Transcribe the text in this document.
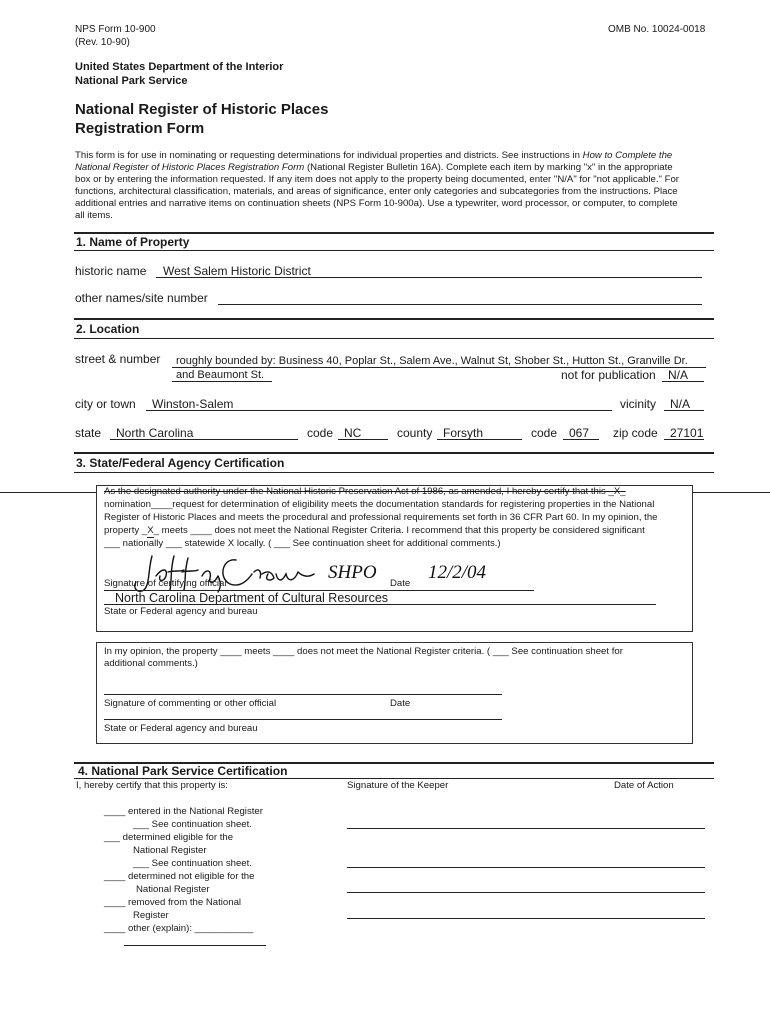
NPS Form 10-900
(Rev. 10-90)
OMB No. 10024-0018
United States Department of the Interior
National Park Service
National Register of Historic Places
Registration Form
This form is for use in nominating or requesting determinations for individual properties and districts. See instructions in How to Complete the
National Register of Historic Places Registration Form (National Register Bulletin 16A). Complete each item by marking "x" in the appropriate
box or by entering the information requested. If any item does not apply to the property being documented, enter "N/A" for "not applicable." For
functions, architectural classification, materials, and areas of significance, enter only categories and subcategories from the instructions. Place
additional entries and narrative items on continuation sheets (NPS Form 10-900a). Use a typewriter, word processor, or computer, to complete
all items.
1. Name of Property
historic name West Salem Historic District
other names/site number
2. Location
street & number roughly bounded by: Business 40, Poplar St., Salem Ave., Walnut St, Shober St., Hutton St., Granville Dr.
and Beaumont St.	not for publication N/A
city or town Winston-Salem	vicinity N/A
state North Carolina	code NC	county Forsyth	code 067 zip code 27101
3. State/Federal Agency Certification
As the designated authority under the National Historic Preservation Act of 1986, as amended, I hereby certify that this _X_
nomination____request for determination of eligibility meets the documentation standards for registering properties in the National
Register of Historic Places and meets the procedural and professional requirements set forth in 36 CFR Part 60. In my opinion, the
property _X_ meets ____ does not meet the National Register Criteria. I recommend that this property be considered significant
___ nationally ___ statewide X locally. ( ___ See continuation sheet for additional comments.)
SHPO	12/2/04
Signature of certifying official	Date
North Carolina Department of Cultural Resources
State or Federal agency and bureau
In my opinion, the property ____ meets ____ does not meet the National Register criteria. ( ___ See continuation sheet for
additional comments.)
Signature of commenting or other official	Date
State or Federal agency and bureau
4. National Park Service Certification
I, hereby certify that this property is:	Signature of the Keeper	Date of Action
____ entered in the National Register
___ See continuation sheet.
___ determined eligible for the
National Register
___ See continuation sheet.
____ determined not eligible for the
National Register
____ removed from the National
Register
____ other (explain): ___________
